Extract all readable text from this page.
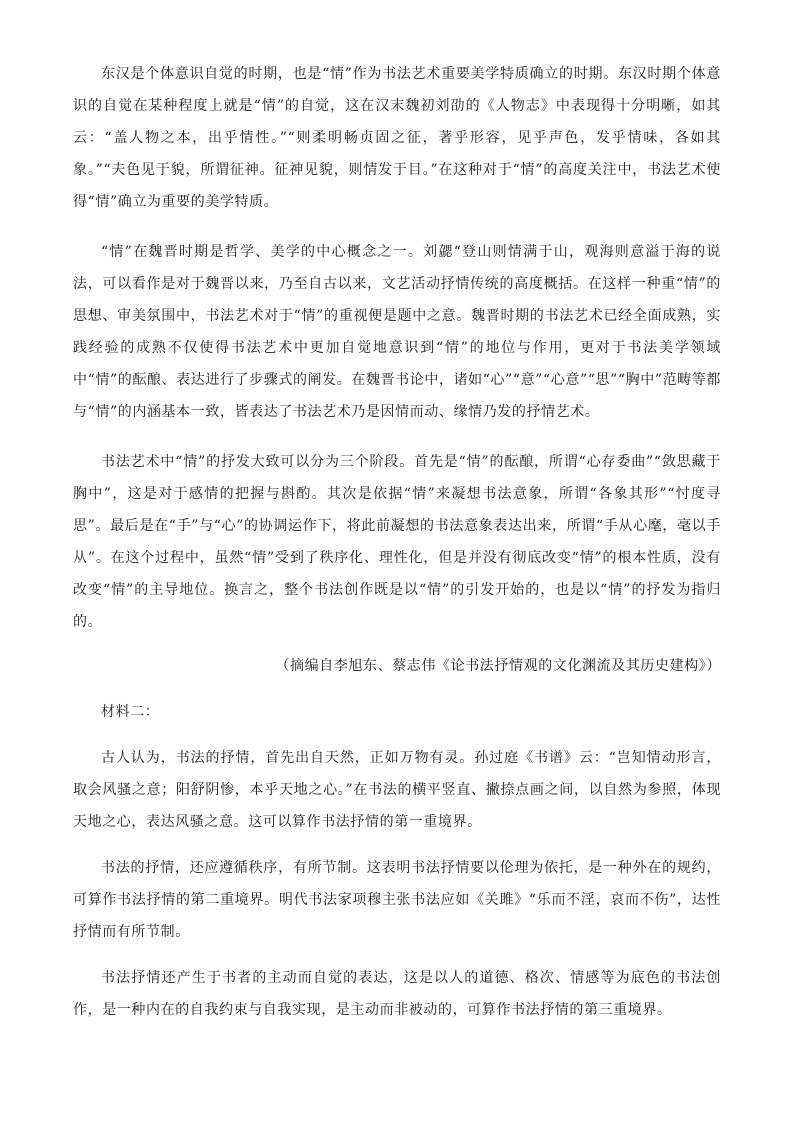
东汉是个体意识自觉的时期，也是“情”作为书法艺术重要美学特质确立的时期。东汉时期个体意识的自觉在某种程度上就是“情”的自觉，这在汉末魏初刘劭的《人物志》中表现得十分明晰，如其云：“盖人物之本，出乎情性。”“则柔明畅贞固之征，著乎形容，见乎声色，发乎情味，各如其象。”“夫色见于貌，所谓征神。征神见貌，则情发于目。”在这种对于“情”的高度关注中，书法艺术使得“情”确立为重要的美学特质。

“情”在魏晋时期是哲学、美学的中心概念之一。刘勰“登山则情满于山，观海则意溢于海的说法，可以看作是对于魏晋以来，乃至自古以来，文艺活动抒情传统的高度概括。在这样一种重“情”的思想、审美氛围中，书法艺术对于“情”的重视便是题中之意。魏晋时期的书法艺术已经全面成熟，实践经验的成熟不仅使得书法艺术中更加自觉地意识到“情”的地位与作用，更对于书法美学领域中“情”的酝酿、表达进行了步骤式的阐发。在魏晋书论中，诸如“心”“意”“心意”“思”“胸中”范畴等都与“情”的内涵基本一致，皆表达了书法艺术乃是因情而动、缘情乃发的抒情艺术。

书法艺术中“情”的抒发大致可以分为三个阶段。首先是“情”的酝酿，所谓“心存委曲”“敛思藏于胸中”，这是对于感情的把握与斟酌。其次是依据“情”来凝想书法意象，所谓“各象其形”“忖度寻思”。最后是在“手”与“心”的协调运作下，将此前凝想的书法意象表达出来，所谓“手从心麾，毫以手从”。在这个过程中，虽然“情”受到了秩序化、理性化，但是并没有彻底改变“情”的根本性质，没有改变“情”的主导地位。换言之，整个书法创作既是以“情”的引发开始的，也是以“情”的抒发为指归的。

（摘编自李旭东、蔡志伟《论书法抒情观的文化渊流及其历史建构》）

材料二：

古人认为，书法的抒情，首先出自天然，正如万物有灵。孙过庭《书谱》云：“岂知情动形言，取会风骚之意；阳舒阴惨，本乎天地之心。”在书法的横平竖直、撇捺点画之间，以自然为参照，体现天地之心，表达风骚之意。这可以算作书法抒情的第一重境界。

书法的抒情，还应遵循秩序，有所节制。这表明书法抒情要以伦理为依托，是一种外在的规约，可算作书法抒情的第二重境界。明代书法家项穆主张书法应如《关雎》“乐而不淫，哀而不伤”，达性抒情而有所节制。

书法抒情还产生于书者的主动而自觉的表达，这是以人的道德、格次、情感等为底色的书法创作，是一种内在的自我约束与自我实现，是主动而非被动的，可算作书法抒情的第三重境界。
